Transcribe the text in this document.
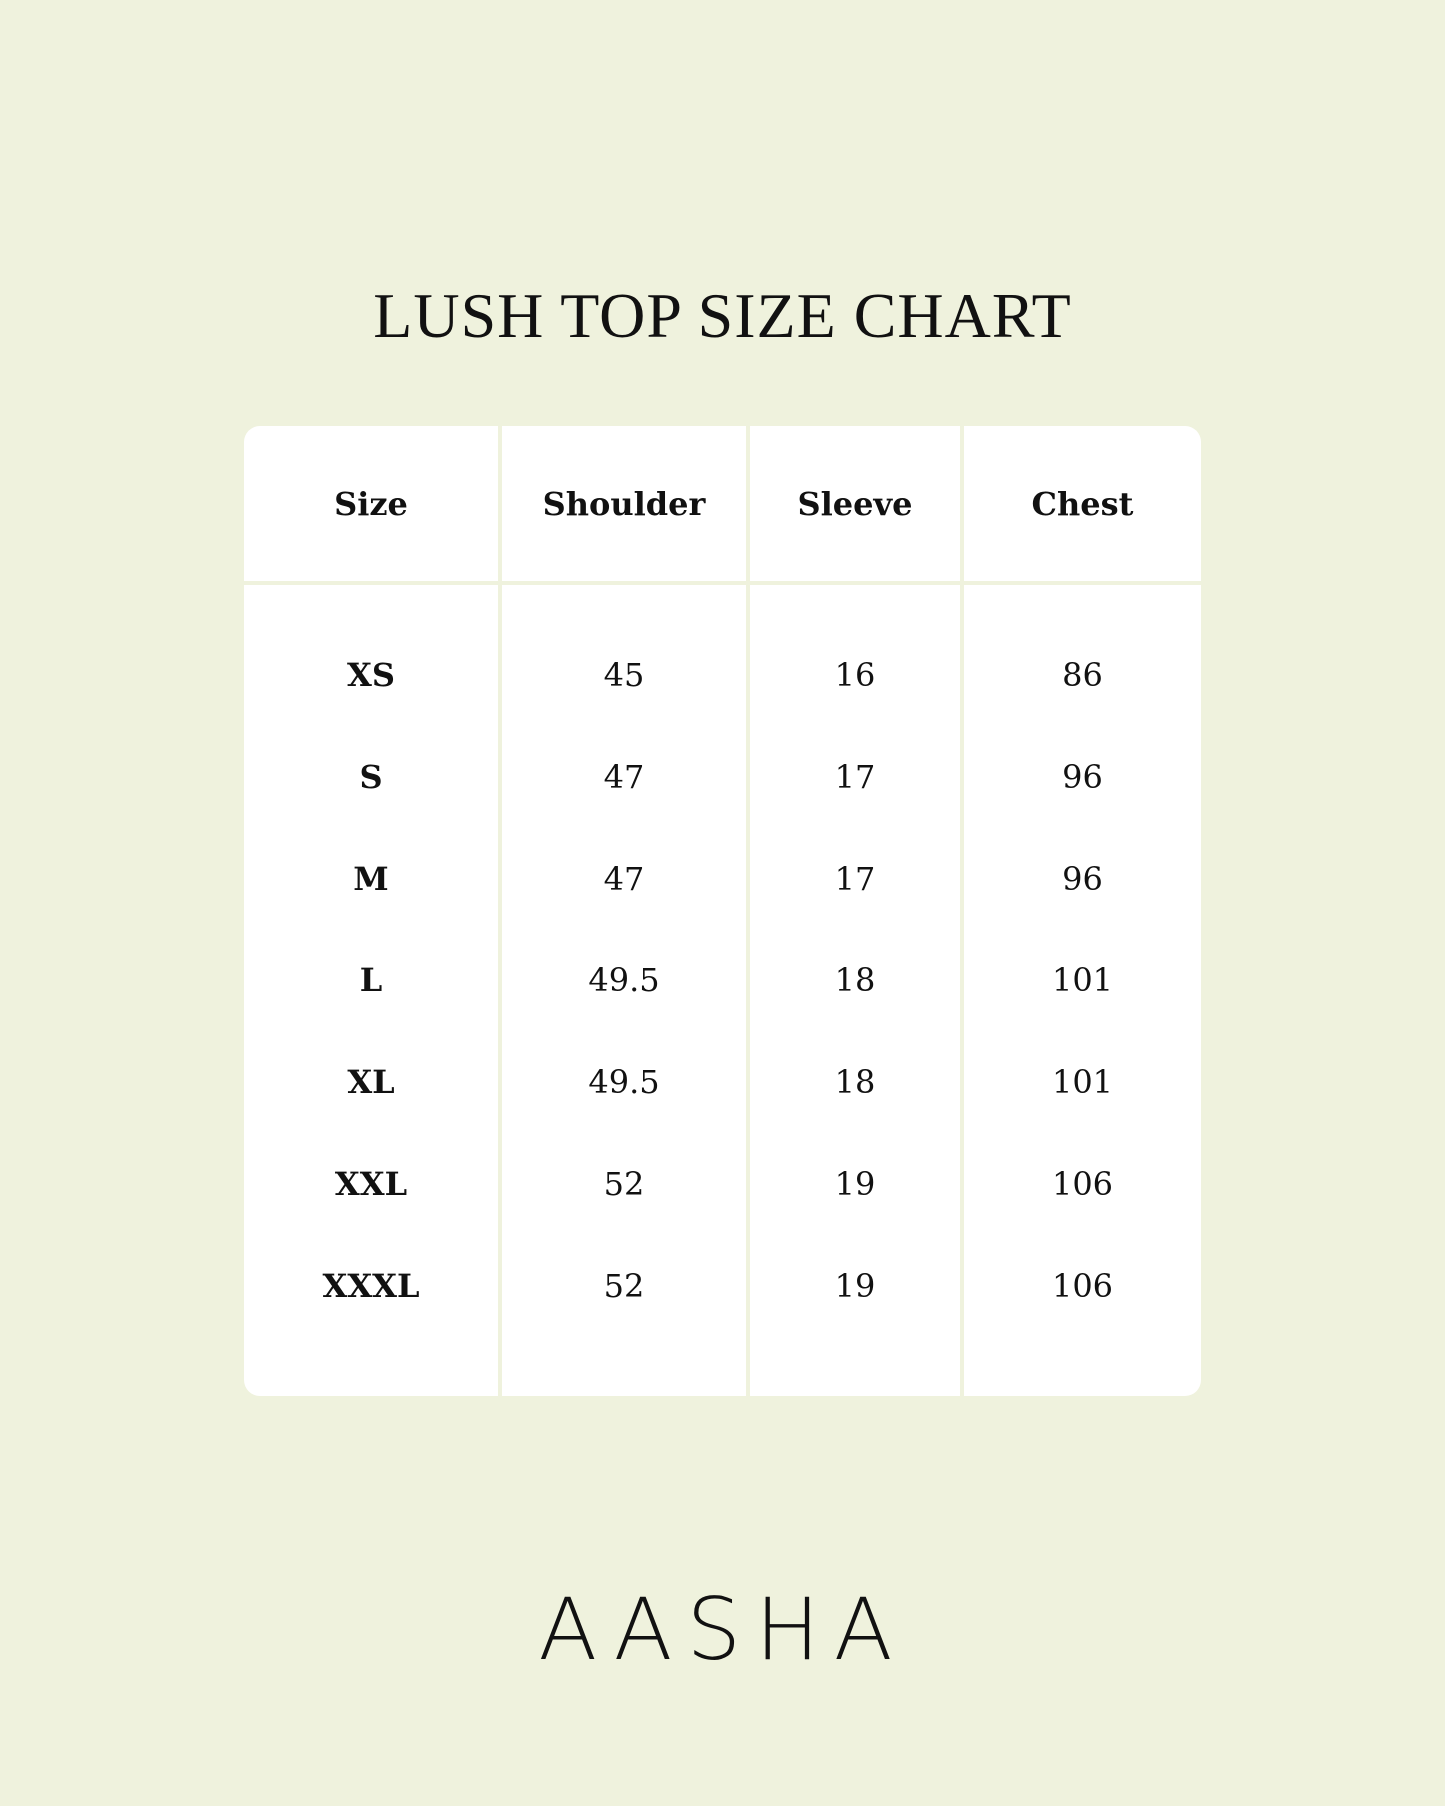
LUSH TOP SIZE CHART
Size	Shoulder	Sleeve	Chest
XS	45	16	86
S	47	17	96
M	47	17	96
L	49.5	18	101
XL	49.5	18	101
XXL	52	19	106
XXXL	52	19	106
AASHA
